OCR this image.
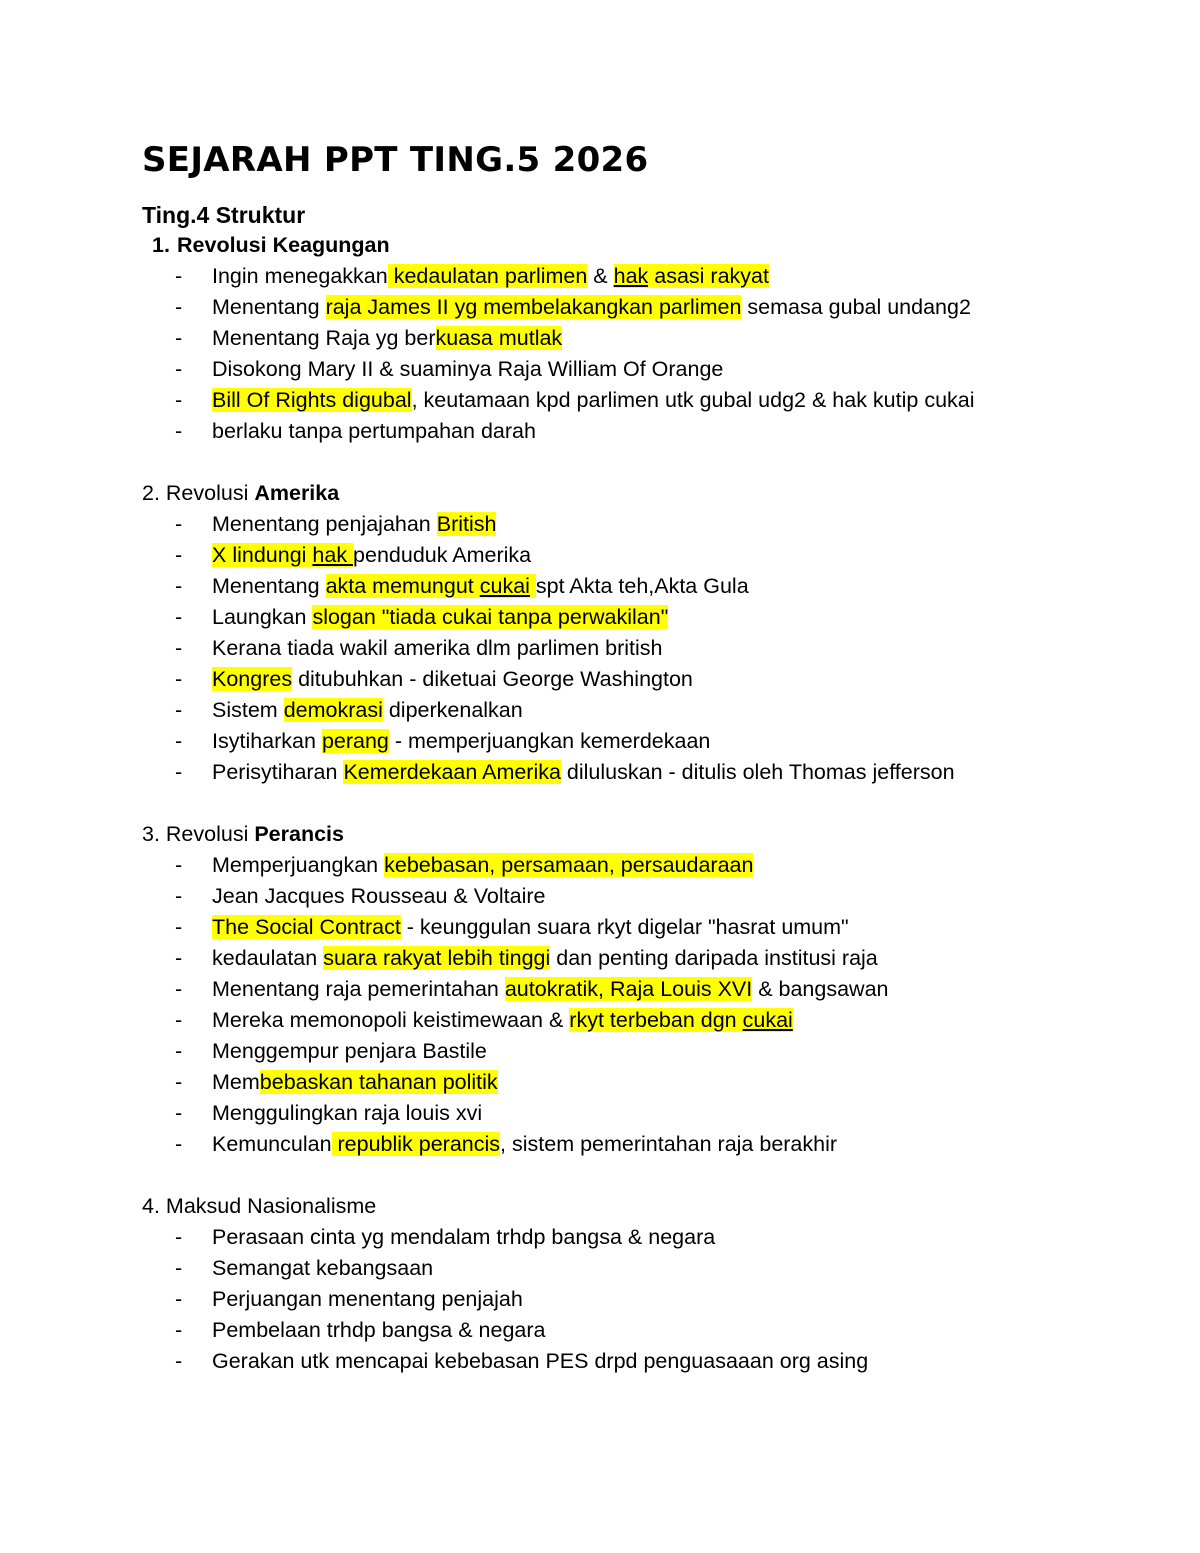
SEJARAH PPT TING.5 2026
Ting.4 Struktur
1. Revolusi Keagungan
- Ingin menegakkan kedaulatan parlimen & hak asasi rakyat
- Menentang raja James II yg membelakangkan parlimen semasa gubal undang2
- Menentang Raja yg berkuasa mutlak
- Disokong Mary II & suaminya Raja William Of Orange
- Bill Of Rights digubal, keutamaan kpd parlimen utk gubal udg2 & hak kutip cukai
- berlaku tanpa pertumpahan darah
2. Revolusi Amerika
- Menentang penjajahan British
- X lindungi hak penduduk Amerika
- Menentang akta memungut cukai spt Akta teh,Akta Gula
- Laungkan slogan "tiada cukai tanpa perwakilan"
- Kerana tiada wakil amerika dlm parlimen british
- Kongres ditubuhkan - diketuai George Washington
- Sistem demokrasi diperkenalkan
- Isytiharkan perang - memperjuangkan kemerdekaan
- Perisytiharan Kemerdekaan Amerika diluluskan - ditulis oleh Thomas jefferson
3. Revolusi Perancis
- Memperjuangkan kebebasan, persamaan, persaudaraan
- Jean Jacques Rousseau & Voltaire
- The Social Contract - keunggulan suara rkyt digelar "hasrat umum"
- kedaulatan suara rakyat lebih tinggi dan penting daripada institusi raja
- Menentang raja pemerintahan autokratik, Raja Louis XVI & bangsawan
- Mereka memonopoli keistimewaan & rkyt terbeban dgn cukai
- Menggempur penjara Bastile
- Membebaskan tahanan politik
- Menggulingkan raja louis xvi
- Kemunculan republik perancis, sistem pemerintahan raja berakhir
4. Maksud Nasionalisme
- Perasaan cinta yg mendalam trhdp bangsa & negara
- Semangat kebangsaan
- Perjuangan menentang penjajah
- Pembelaan trhdp bangsa & negara
- Gerakan utk mencapai kebebasan PES drpd penguasaaan org asing
